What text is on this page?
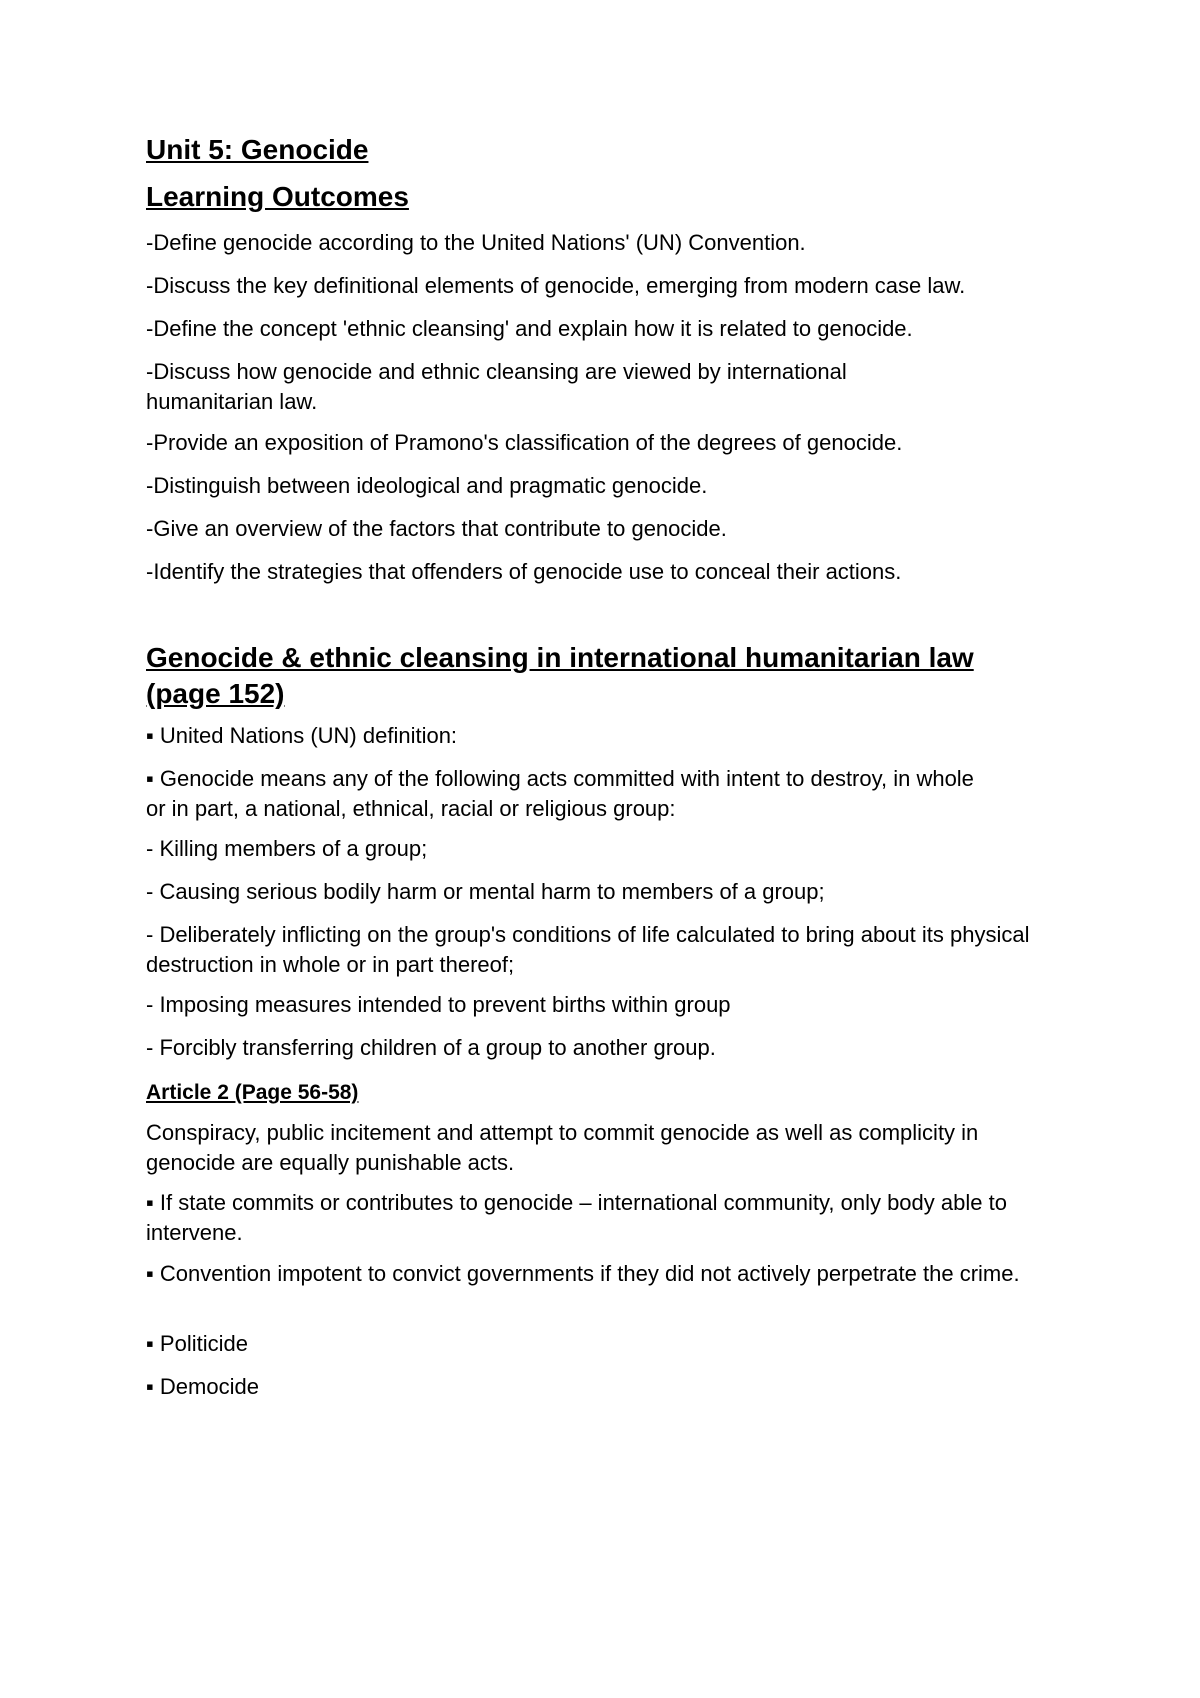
Unit 5: Genocide
Learning Outcomes
-Define genocide according to the United Nations' (UN) Convention.
-Discuss the key definitional elements of genocide, emerging from modern case law.
-Define the concept 'ethnic cleansing' and explain how it is related to genocide.
-Discuss how genocide and ethnic cleansing are viewed by international humanitarian law.
-Provide an exposition of Pramono's classification of the degrees of genocide.
-Distinguish between ideological and pragmatic genocide.
-Give an overview of the factors that contribute to genocide.
-Identify the strategies that offenders of genocide use to conceal their actions.
Genocide & ethnic cleansing in international humanitarian law (page 152)
▪ United Nations (UN) definition:
▪ Genocide means any of the following acts committed with intent to destroy, in whole or in part, a national, ethnical, racial or religious group:
- Killing members of a group;
- Causing serious bodily harm or mental harm to members of a group;
- Deliberately inflicting on the group's conditions of life calculated to bring about its physical destruction in whole or in part thereof;
- Imposing measures intended to prevent births within group
- Forcibly transferring children of a group to another group.
Article 2 (Page 56-58)
Conspiracy, public incitement and attempt to commit genocide as well as complicity in genocide are equally punishable acts.
▪ If state commits or contributes to genocide – international community, only body able to intervene.
▪ Convention impotent to convict governments if they did not actively perpetrate the crime.
▪ Politicide
▪ Democide
